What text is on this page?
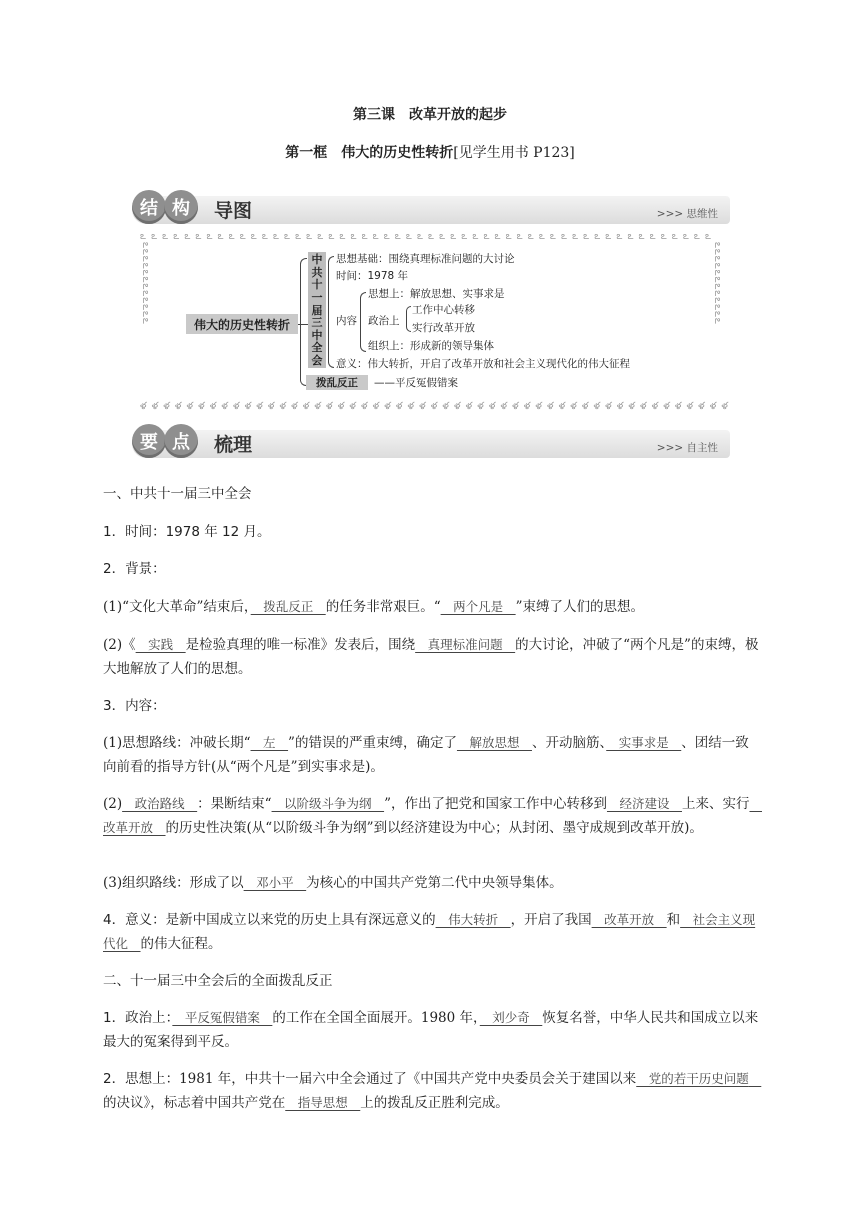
第三课　改革开放的起步
第一框　伟大的历史性转折[见学生用书 P123]
结 构	导图	>>> 思维性
ఽ ఽ ఽ ఽ ఽ ఽ ఽ ఽ ఽ ఽ ఽ ఽ ఽ ఽ ఽ ఽ ఽ ఽ ఽ ఽ ఽ ఽ ఽ ఽ ఽ ఽ ఽ ఽ ఽ ఽ ఽ ఽ ఽ ఽ ఽ ఽ ఽ ఽ ఽ ఽ ఽ ఽ ఽ ఽ ఽ ఽ ఽ ఽ ఽ ఽ ఽ ఽ
ళ ళ ళ ళ ళ ళ ళ ళ ళ ళ ళ ళ ళ ళ ళ ళ ళ ళ ళ ళ ళ ళ ళ ళ ళ ళ ళ ళ ళ ళ ళ ళ ళ ళ ళ ళ ళ ళ ళ ళ ళ ళ ళ ళ ళ ళ ళ ళ ళ ళ ళ
ఽఽఽఽఽఽఽఽఽఽఽఽ	ఽఽఽఽఽఽఽఽఽఽఽఽ
伟大的历史性转折
中
共
十
一
届
三
中
全
会
思想基础：围绕真理标准问题的大讨论
时间：1978 年
内容
思想上：解放思想、实事求是
政治上
工作中心转移
实行改革开放
组织上：形成新的领导集体
意义：伟大转折，开启了改革开放和社会主义现代化的伟大征程
拨乱反正	——平反冤假错案
要 点	梳理	>>> 自主性
一、中共十一届三中全会
1．时间：1978 年 12 月。
2．背景：
(1)“文化大革命”结束后，　拨乱反正　的任务非常艰巨。“　两个凡是　”束缚了人们的思想。
(2)《　实践　是检验真理的唯一标准》发表后，围绕　真理标准问题　的大讨论，冲破了“两个凡是”的束缚，极大地解放了人们的思想。
3．内容：
(1)思想路线：冲破长期“　左　”的错误的严重束缚，确定了　解放思想　、开动脑筋、　实事求是　、团结一致向前看的指导方针(从“两个凡是”到实事求是)。
(2)　政治路线　：果断结束“　以阶级斗争为纲　”，作出了把党和国家工作中心转移到　经济建设　上来、实行　改革开放　的历史性决策(从“以阶级斗争为纲”到以经济建设为中心；从封闭、墨守成规到改革开放)。
(3)组织路线：形成了以　邓小平　为核心的中国共产党第二代中央领导集体。
4．意义：是新中国成立以来党的历史上具有深远意义的　伟大转折　，开启了我国　改革开放　和　社会主义现代化　的伟大征程。
二、十一届三中全会后的全面拨乱反正
1．政治上：　平反冤假错案　的工作在全国全面展开。1980 年，　刘少奇　恢复名誉，中华人民共和国成立以来最大的冤案得到平反。
2．思想上：1981 年，中共十一届六中全会通过了《中国共产党中央委员会关于建国以来　党的若干历史问题　的决议》，标志着中国共产党在　指导思想　上的拨乱反正胜利完成。
